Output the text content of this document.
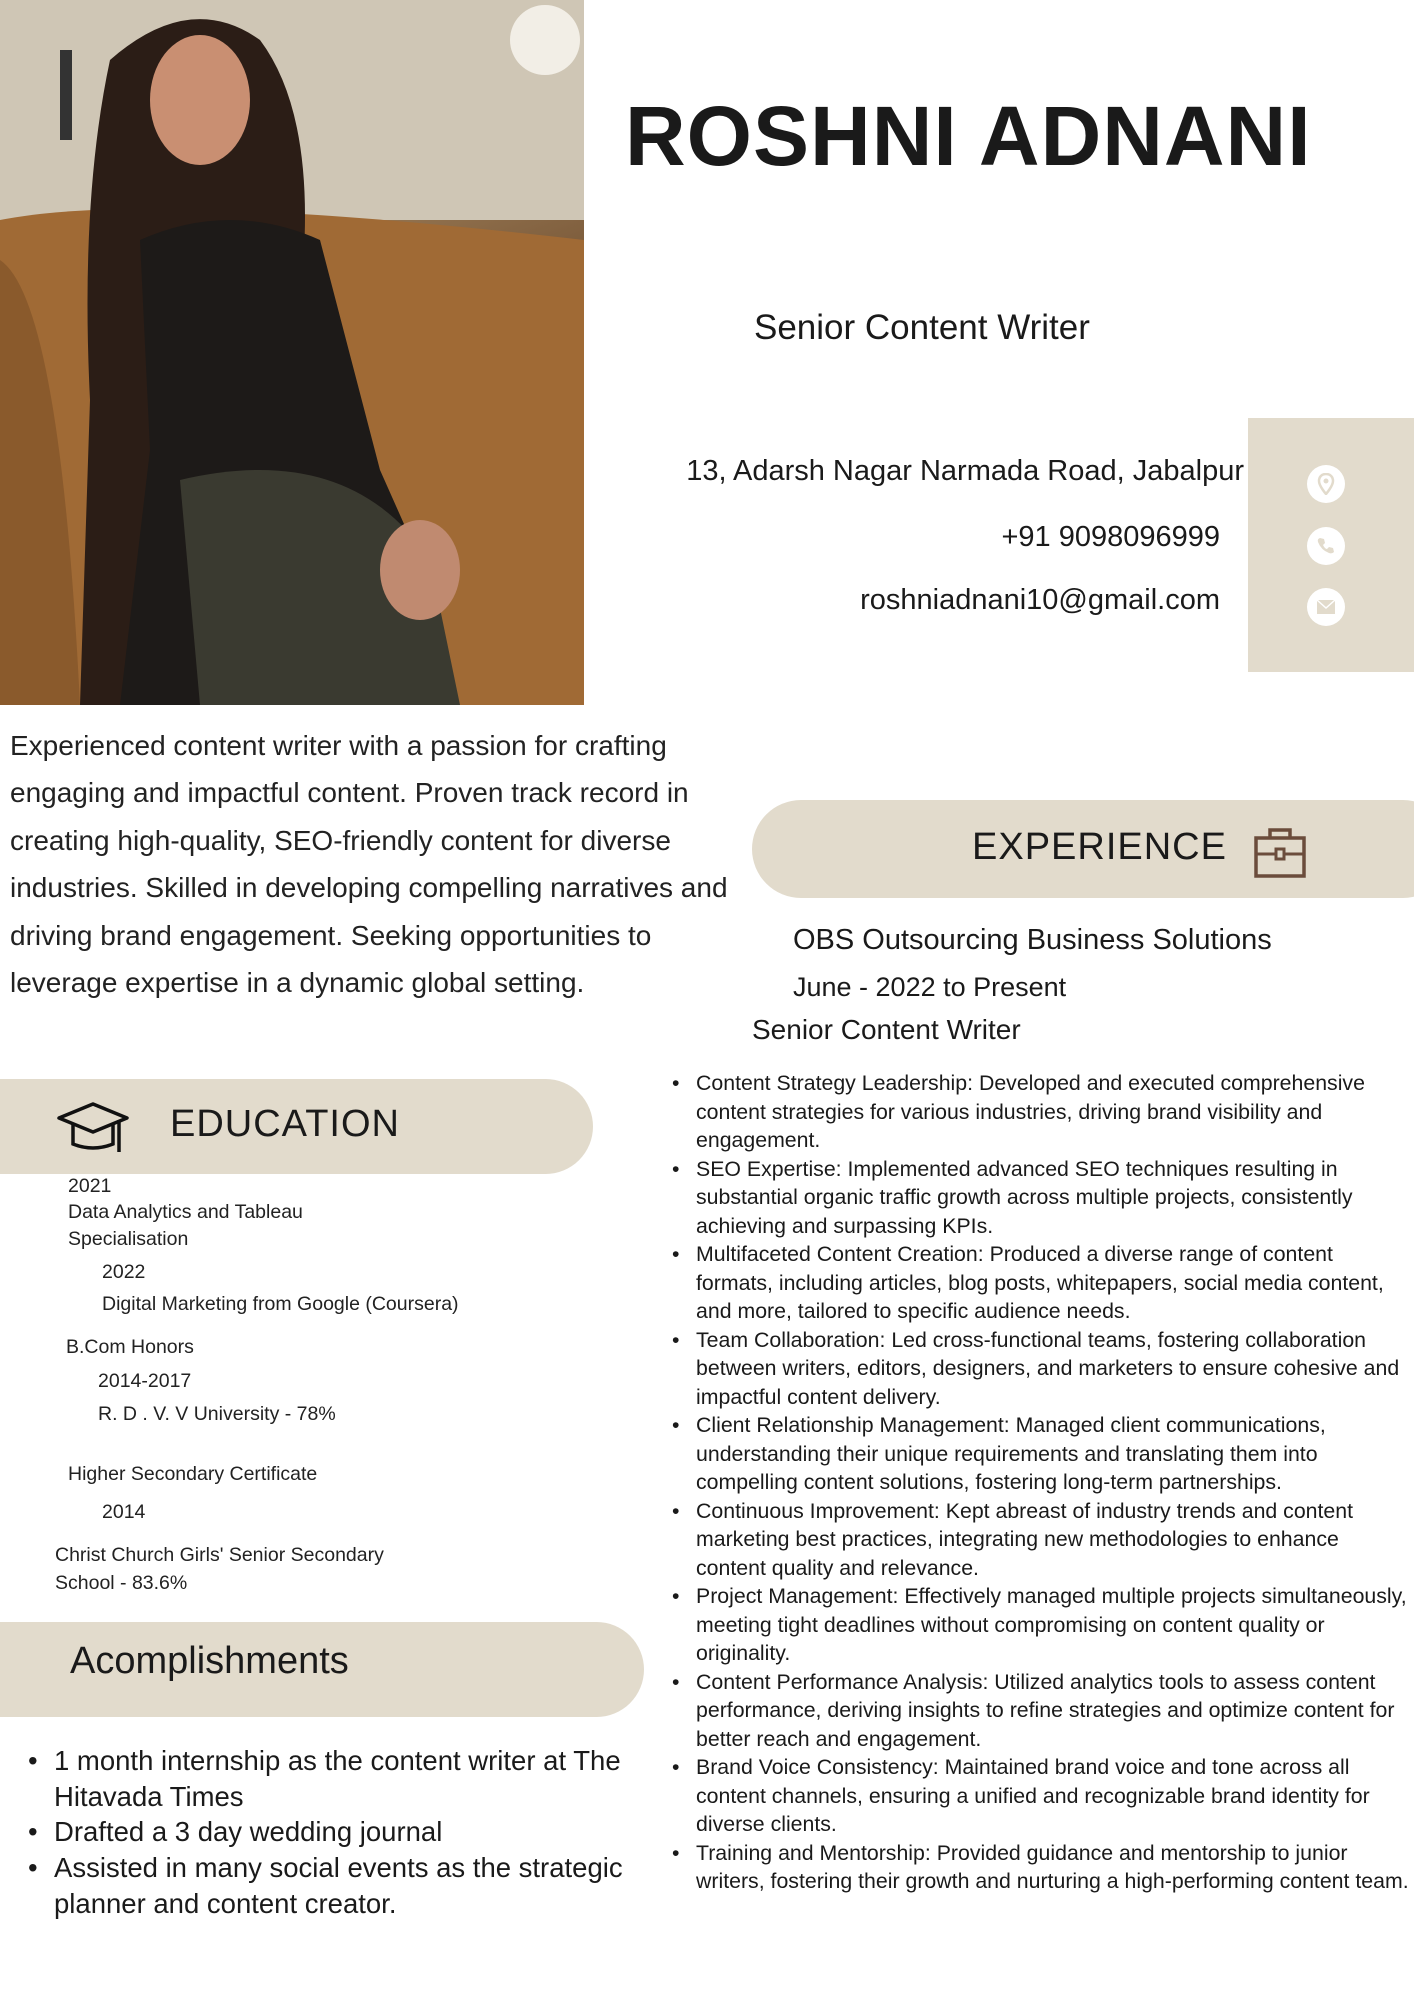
ROSHNI ADNANI
Senior Content Writer
13, Adarsh Nagar Narmada Road, Jabalpur
+91 9098096999
roshniadnani10@gmail.com
Experienced content writer with a passion for crafting engaging and impactful content. Proven track record in creating high-quality, SEO-friendly content for diverse industries. Skilled in developing compelling narratives and driving brand engagement. Seeking opportunities to leverage expertise in a dynamic global setting.
EXPERIENCE
OBS Outsourcing Business Solutions
June - 2022 to Present
Senior Content Writer
• Content Strategy Leadership: Developed and executed comprehensive content strategies for various industries, driving brand visibility and engagement.
• SEO Expertise: Implemented advanced SEO techniques resulting in substantial organic traffic growth across multiple projects, consistently achieving and surpassing KPIs.
• Multifaceted Content Creation: Produced a diverse range of content formats, including articles, blog posts, whitepapers, social media content, and more, tailored to specific audience needs.
• Team Collaboration: Led cross-functional teams, fostering collaboration between writers, editors, designers, and marketers to ensure cohesive and impactful content delivery.
• Client Relationship Management: Managed client communications, understanding their unique requirements and translating them into compelling content solutions, fostering long-term partnerships.
• Continuous Improvement: Kept abreast of industry trends and content marketing best practices, integrating new methodologies to enhance content quality and relevance.
• Project Management: Effectively managed multiple projects simultaneously, meeting tight deadlines without compromising on content quality or originality.
• Content Performance Analysis: Utilized analytics tools to assess content performance, deriving insights to refine strategies and optimize content for better reach and engagement.
• Brand Voice Consistency: Maintained brand voice and tone across all content channels, ensuring a unified and recognizable brand identity for diverse clients.
• Training and Mentorship: Provided guidance and mentorship to junior writers, fostering their growth and nurturing a high-performing content team.
EDUCATION
2021
Data Analytics and Tableau
Specialisation
2022
Digital Marketing from Google (Coursera)
B.Com Honors
2014-2017
R. D . V. V University - 78%
Higher Secondary Certificate
2014
Christ Church Girls' Senior Secondary
School - 83.6%
Acomplishments
• 1 month internship as the content writer at The Hitavada Times
• Drafted a 3 day wedding journal
• Assisted in many social events as the strategic planner and content creator.
